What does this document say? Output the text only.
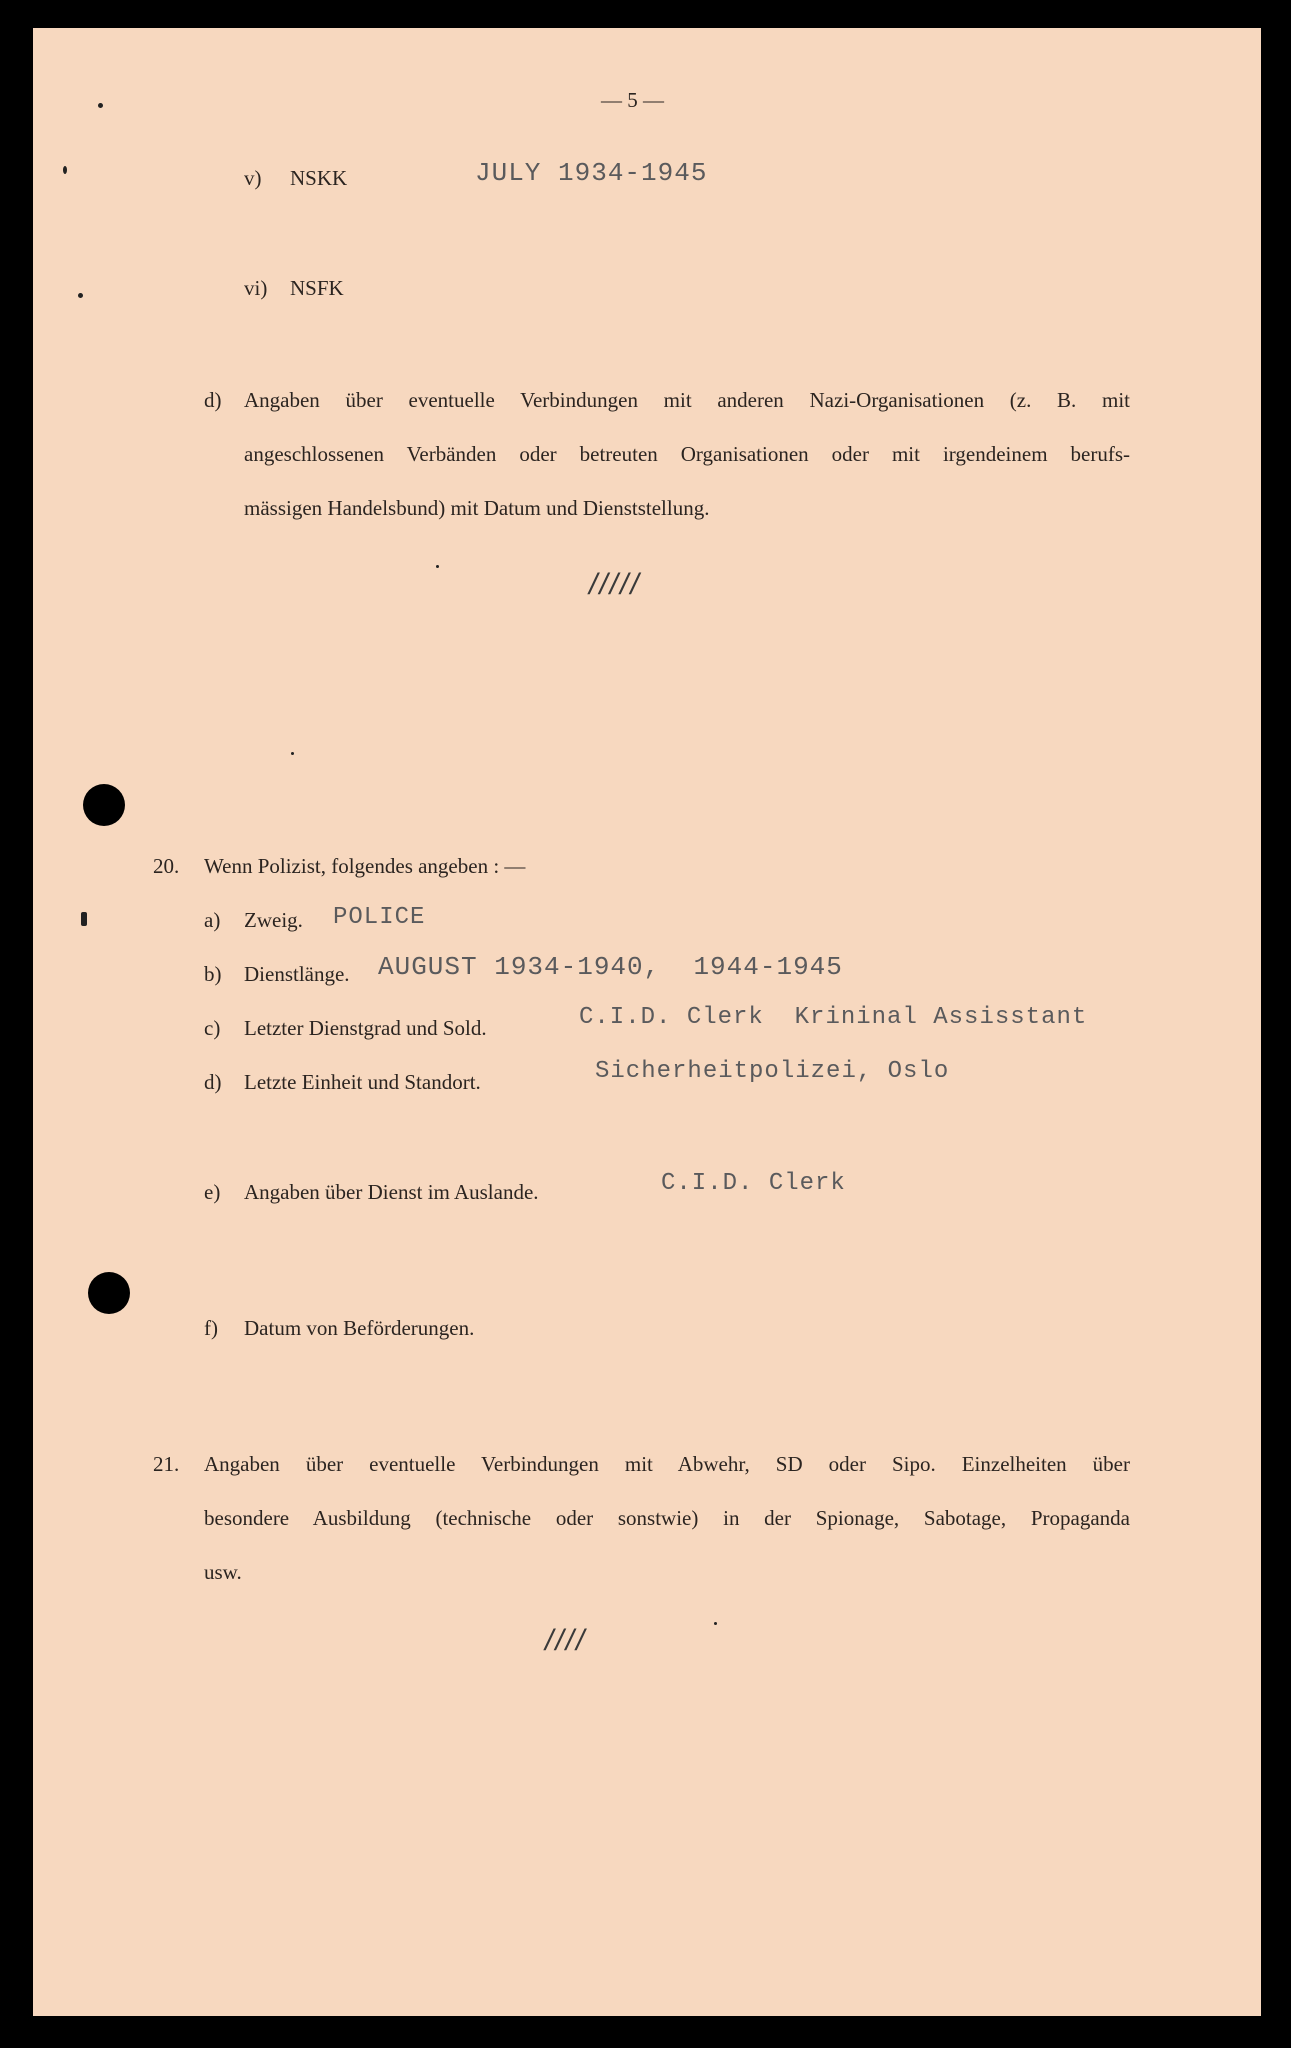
— 5 —
v) NSKK	JULY 1934-1945
vi) NSFK
d) Angaben über eventuelle Verbindungen mit anderen Nazi-Organisationen (z. B. mit
angeschlossenen Verbänden oder betreuten Organisationen oder mit irgendeinem berufs-
mässigen Handelsbund) mit Datum und Dienststellung.
/////
20. Wenn Polizist, folgendes angeben : —
a) Zweig. POLICE
b) Dienstlänge. AUGUST 1934-1940,  1944-1945
c) Letzter Dienstgrad und Sold.	C.I.D. Clerk  Krininal Assisstant
d) Letzte Einheit und Standort.	Sicherheitpolizei, Oslo
e) Angaben über Dienst im Auslande.	C.I.D. Clerk
f) Datum von Beförderungen.
21. Angaben über eventuelle Verbindungen mit Abwehr, SD oder Sipo. Einzelheiten über
besondere Ausbildung (technische oder sonstwie) in der Spionage, Sabotage, Propaganda
usw.
////
